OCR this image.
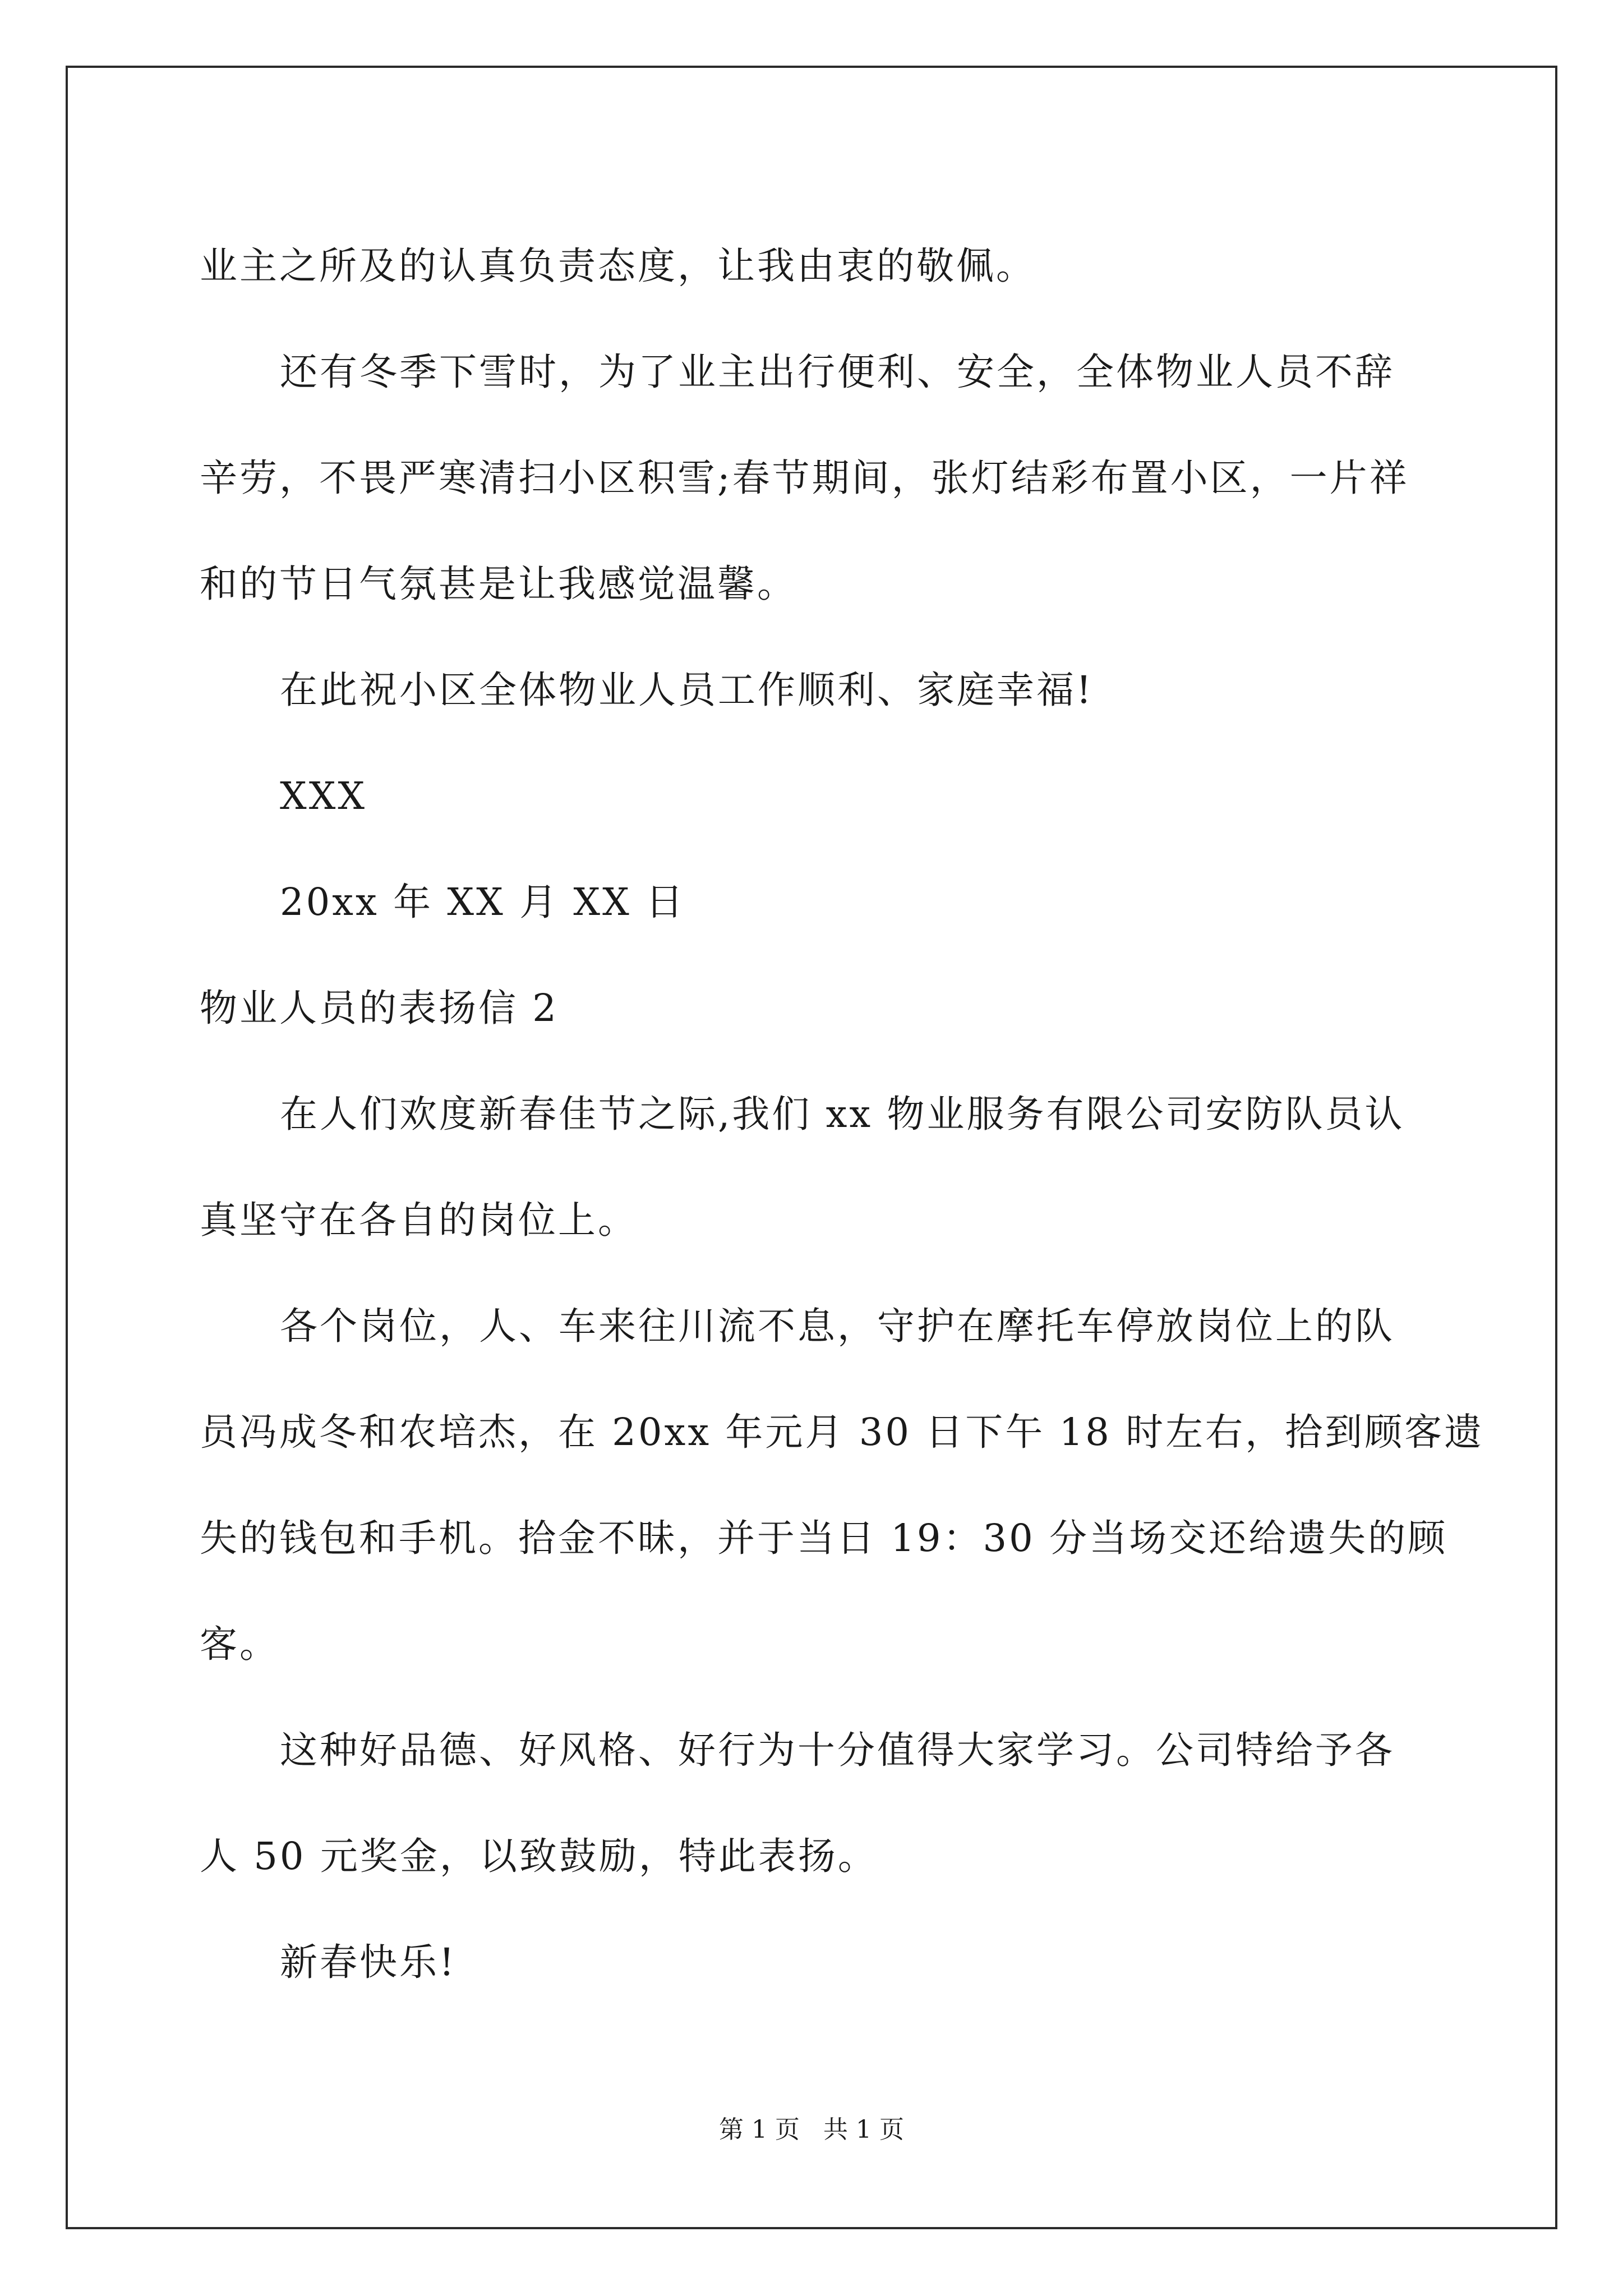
业主之所及的认真负责态度，让我由衷的敬佩。
还有冬季下雪时，为了业主出行便利、安全，全体物业人员不辞
辛劳，不畏严寒清扫小区积雪;春节期间，张灯结彩布置小区，一片祥
和的节日气氛甚是让我感觉温馨。
在此祝小区全体物业人员工作顺利、家庭幸福!
XXX
20xx 年 XX 月 XX 日
物业人员的表扬信 2
在人们欢度新春佳节之际,我们 xx 物业服务有限公司安防队员认
真坚守在各自的岗位上。
各个岗位，人、车来往川流不息，守护在摩托车停放岗位上的队
员冯成冬和农培杰，在 20xx 年元月 30 日下午 18 时左右，拾到顾客遗
失的钱包和手机。拾金不昧，并于当日 19：30 分当场交还给遗失的顾
客。
这种好品德、好风格、好行为十分值得大家学习。公司特给予各
人 50 元奖金，以致鼓励，特此表扬。
新春快乐!
第 1 页   共 1 页
